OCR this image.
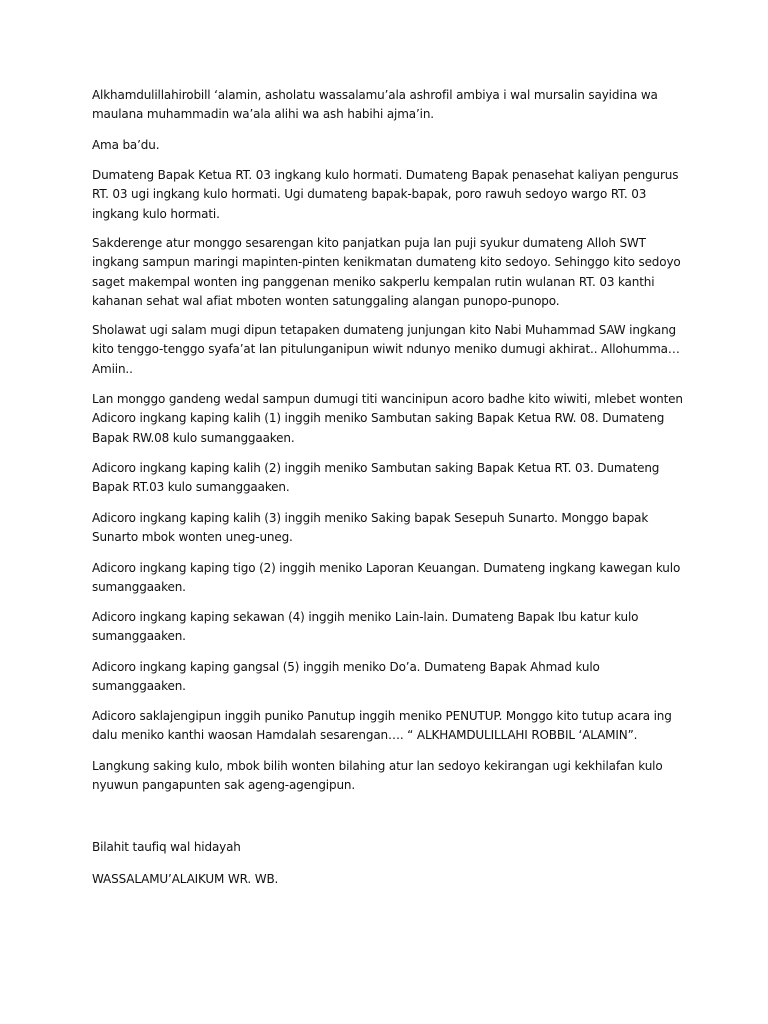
Alkhamdulillahirobill ‘alamin, asholatu wassalamu’ala ashrofil ambiya i wal mursalin sayidina wa
maulana muhammadin wa’ala alihi wa ash habihi ajma’in.

Ama ba’du.

Dumateng Bapak Ketua RT. 03 ingkang kulo hormati. Dumateng Bapak penasehat kaliyan pengurus
RT. 03 ugi ingkang kulo hormati. Ugi dumateng bapak-bapak, poro rawuh sedoyo wargo RT. 03
ingkang kulo hormati.

Sakderenge atur monggo sesarengan kito panjatkan puja lan puji syukur dumateng Alloh SWT
ingkang sampun maringi mapinten-pinten kenikmatan dumateng kito sedoyo. Sehinggo kito sedoyo
saget makempal wonten ing panggenan meniko sakperlu kempalan rutin wulanan RT. 03 kanthi
kahanan sehat wal afiat mboten wonten satunggaling alangan punopo-punopo.

Sholawat ugi salam mugi dipun tetapaken dumateng junjungan kito Nabi Muhammad SAW ingkang
kito tenggo-tenggo syafa’at lan pitulunganipun wiwit ndunyo meniko dumugi akhirat.. Allohumma…
Amiin..

Lan monggo gandeng wedal sampun dumugi titi wancinipun acoro badhe kito wiwiti, mlebet wonten
Adicoro ingkang kaping kalih (1) inggih meniko Sambutan saking Bapak Ketua RW. 08. Dumateng
Bapak RW.08 kulo sumanggaaken.

Adicoro ingkang kaping kalih (2) inggih meniko Sambutan saking Bapak Ketua RT. 03. Dumateng
Bapak RT.03 kulo sumanggaaken.

Adicoro ingkang kaping kalih (3) inggih meniko Saking bapak Sesepuh Sunarto. Monggo bapak
Sunarto mbok wonten uneg-uneg.

Adicoro ingkang kaping tigo (2) inggih meniko Laporan Keuangan. Dumateng ingkang kawegan kulo
sumanggaaken.

Adicoro ingkang kaping sekawan (4) inggih meniko Lain-lain. Dumateng Bapak Ibu katur kulo
sumanggaaken.

Adicoro ingkang kaping gangsal (5) inggih meniko Do’a. Dumateng Bapak Ahmad kulo
sumanggaaken.

Adicoro saklajengipun inggih puniko Panutup inggih meniko PENUTUP. Monggo kito tutup acara ing
dalu meniko kanthi waosan Hamdalah sesarengan…. “ ALKHAMDULILLAHI ROBBIL ‘ALAMIN”.

Langkung saking kulo, mbok bilih wonten bilahing atur lan sedoyo kekirangan ugi kekhilafan kulo
nyuwun pangapunten sak ageng-agengipun.

Bilahit taufiq wal hidayah

WASSALAMU’ALAIKUM WR. WB.
